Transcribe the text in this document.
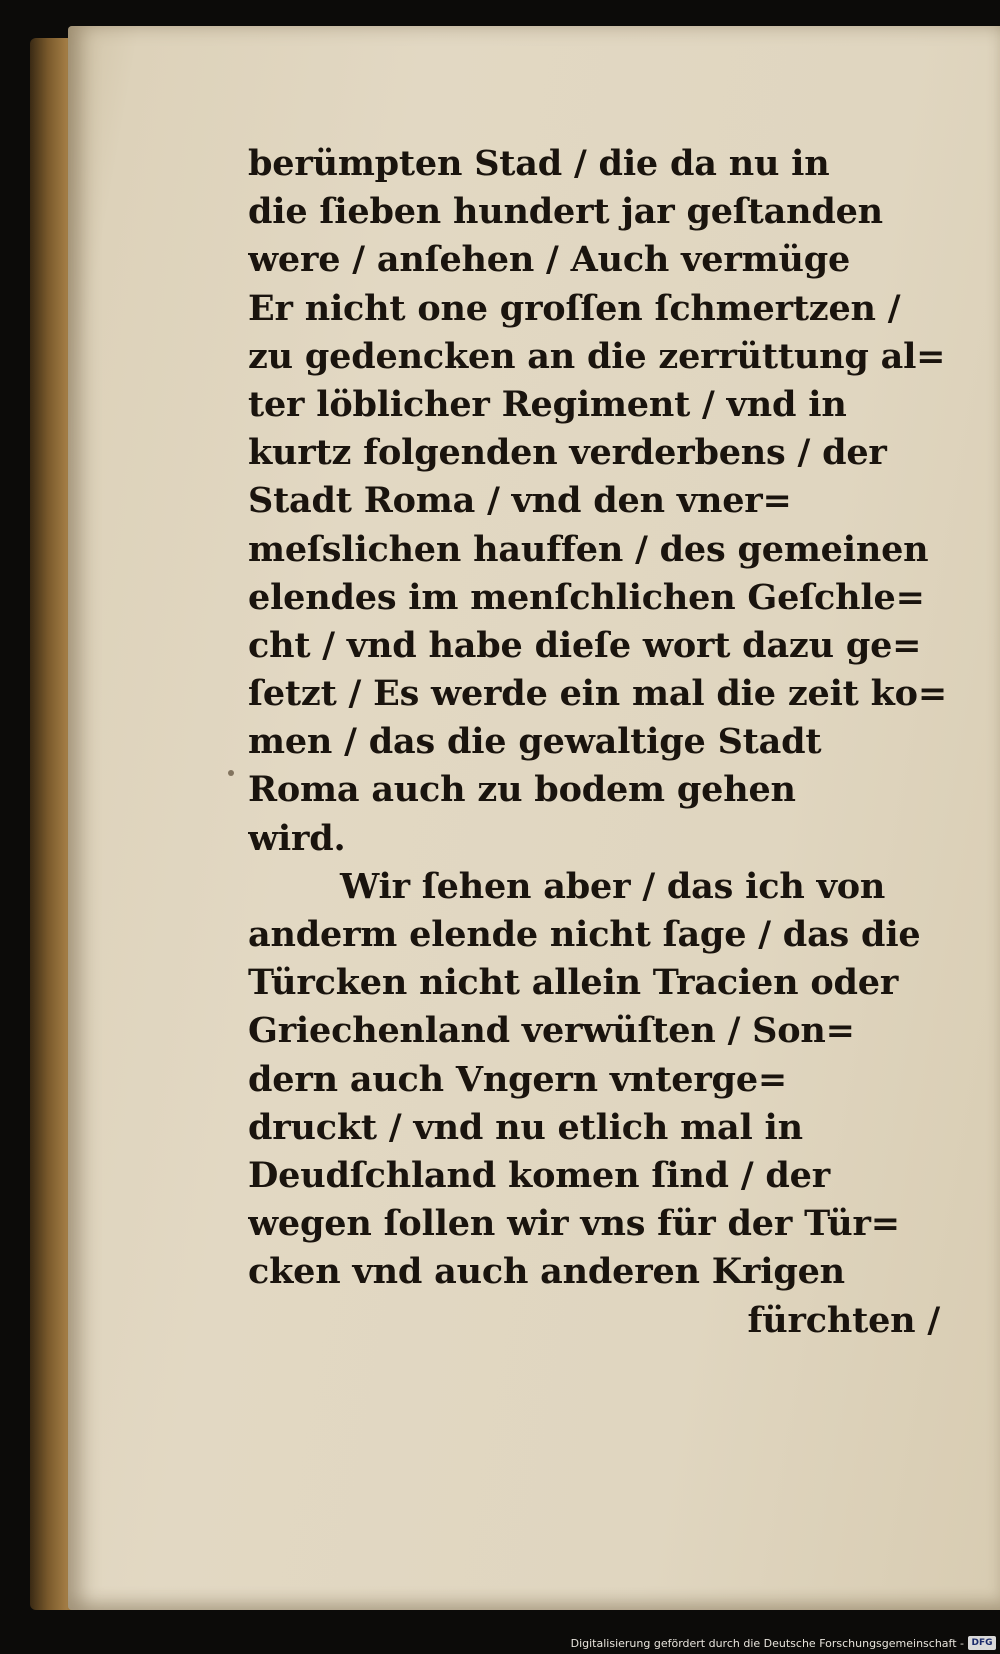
berümpten Stad / die da nu in
die ſieben hundert jar geſtanden
were / anſehen / Auch vermüge
Er nicht one groſſen ſchmertzen /
zu gedencken an die zerrüttung al=
ter löblicher Regiment / vnd in
kurtz folgenden verderbens / der
Stadt Roma / vnd den vner=
meſslichen hauffen / des gemeinen
elendes im menſchlichen Geſchle=
cht / vnd habe dieſe wort dazu ge=
ſetzt / Es werde ein mal die zeit ko=
men / das die gewaltige Stadt
Roma auch zu bodem gehen
wird.
Wir ſehen aber / das ich von
anderm elende nicht ſage / das die
Türcken nicht allein Tracien oder
Griechenland verwüſten / Son=
dern auch Vngern vnterge=
druckt / vnd nu etlich mal in
Deudſchland komen ſind / der
wegen ſollen wir vns für der Tür=
cken vnd auch anderen Krigen
fürchten /
Digitalisierung gefördert durch die Deutsche Forschungsgemeinschaft - DFG
